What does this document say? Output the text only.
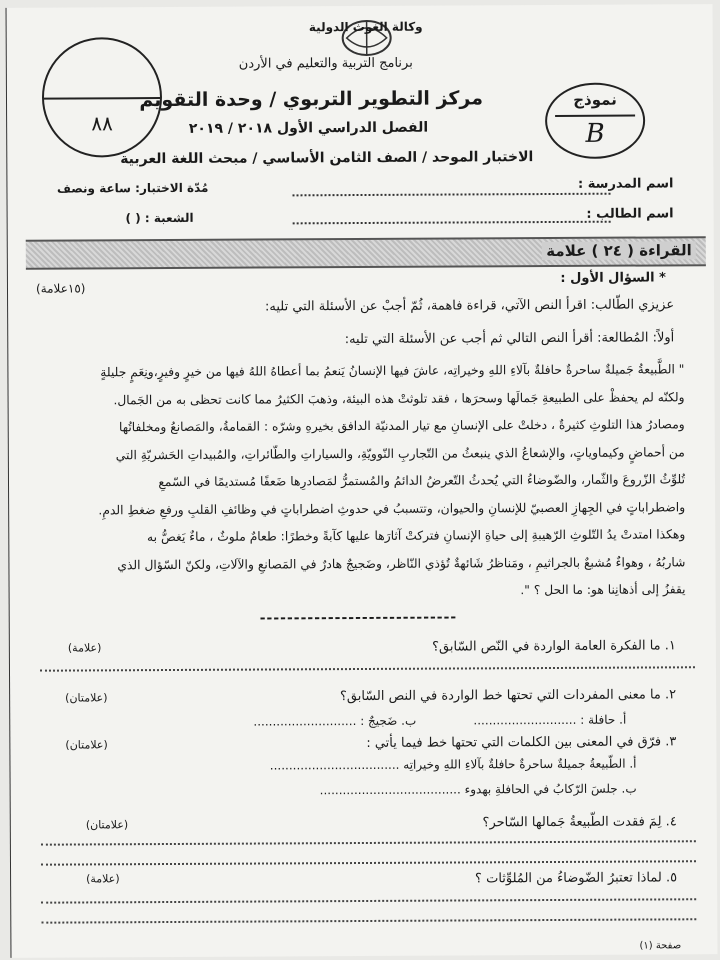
وكالة الغوث الدولية
برنامج التربية والتعليم في الأردن
مركز التطوير التربوي / وحدة التقويم
الفصل الدراسي الأول ٢٠١٨ / ٢٠١٩
الاختبار الموحد / الصف الثامن الأساسي / مبحث اللغة العربية
٨٨
نموذج
B
اسم المدرسة :
مُدّة الاختبار: ساعة ونصف
اسم الطالب :
الشعبة : ( )
القراءة ( ٢٤ ) علامة
* السؤال الأول :
(١٥علامة)
عزيزي الطّالب: اقرأ النص الآتي، قراءة فاهمة، ثُمّ أجبْ عن الأسئلة التي تليه:
أولاً: المُطالعة: أقرأ النص التالي ثم أجب عن الأسئلة التي تليه:

" الطَّبيعةُ جَميلةٌ ساحرةٌ حافلةٌ بآلاءِ اللهِ وخيراتِه، عاشَ فيها الإنسانُ يَنعمُ بما أعطاهُ اللهُ فيها من خيرٍ وفيرٍ،ونِعَمٍ جليلةٍ

ولكنّه لم يحفظْ على الطبيعةِ جَمالَها وسحرَها ، فقد تلوثتْ هذه البيئة، وذهبَ الكثيرُ مما كانت تحظى به من الجَمال.

ومصادرُ هذا التلوثِ كثيرةٌ ، دخلتْ على الإنسانِ مع تيار المدنيّة الدافق بخيرهِ وشرّه : القمامةُ، والمَصانعُ ومخلفاتُها

من أحماضٍ وكيماوياتٍ، والإشعاعُ الذي ينبعثُ من التّجاربِ النّوويّةِ، والسياراتِ والطّائراتِ، والمُبيداتِ الحَشريّةِ التي

تُلوِّثُ الزّروعَ والثّمار، والضّوضاءُ التي يُحدثُ التّعرضُ الدائمُ والمُستمرُّ لمَصادرِها ضَعفًا مُستديمًا في السّمعِ

واضطراباتٍ في الجِهازِ العصبيّ للإنسانِ والحيوان، وتتسببُ في حدوثِ اضطراباتٍ في وظائفِ القلبِ ورفعِ ضغطِ الدمِ.

وهكذا امتدتْ يدُ التّلوثِ الرّهيبةِ إلى حياةِ الإنسانِ فتركتْ آثارَها عليها كآبةً وخطرًا: طعامٌ ملوثٌ ، ماءٌ يَغصُّ به

شاربُهُ ، وهواءٌ مُشبعٌ بالجراثيمِ ، ومَناظرُ شَائهةٌ تُؤذي النّاظر، وضَجيجٌ هادرٌ في المَصانعِ والآلاتِ، ولكنّ السّؤال الذي

يقفزُ إلى أذهانِنا هو: ما الحل ؟ ".

-----------------------------
١. ما الفكرة العامة الواردة في النّص السّابق؟
(علامة)
٢. ما معنى المفردات التي تحتها خط الواردة في النص السّابق؟
(علامتان)
أ. حافلة : ...........................
ب. ضَجيجٌ : ...........................
٣. فرّق في المعنى بين الكلمات التي تحتها خط فيما يأتي :
(علامتان)
أ. الطّبيعةُ جميلةٌ ساحرةٌ حافلةٌ بآلاءِ اللهِ وخيراتِه ..................................
ب. جلسَ الرّكابُ في الحافلةِ بهدوء .....................................
٤. لِمَ فقدت الطّبيعةُ جَمالها السّاحر؟
(علامتان)
٥. لماذا تعتبرُ الضّوضاءُ من المُلوِّثات ؟
(علامة)
صفحة (١)
